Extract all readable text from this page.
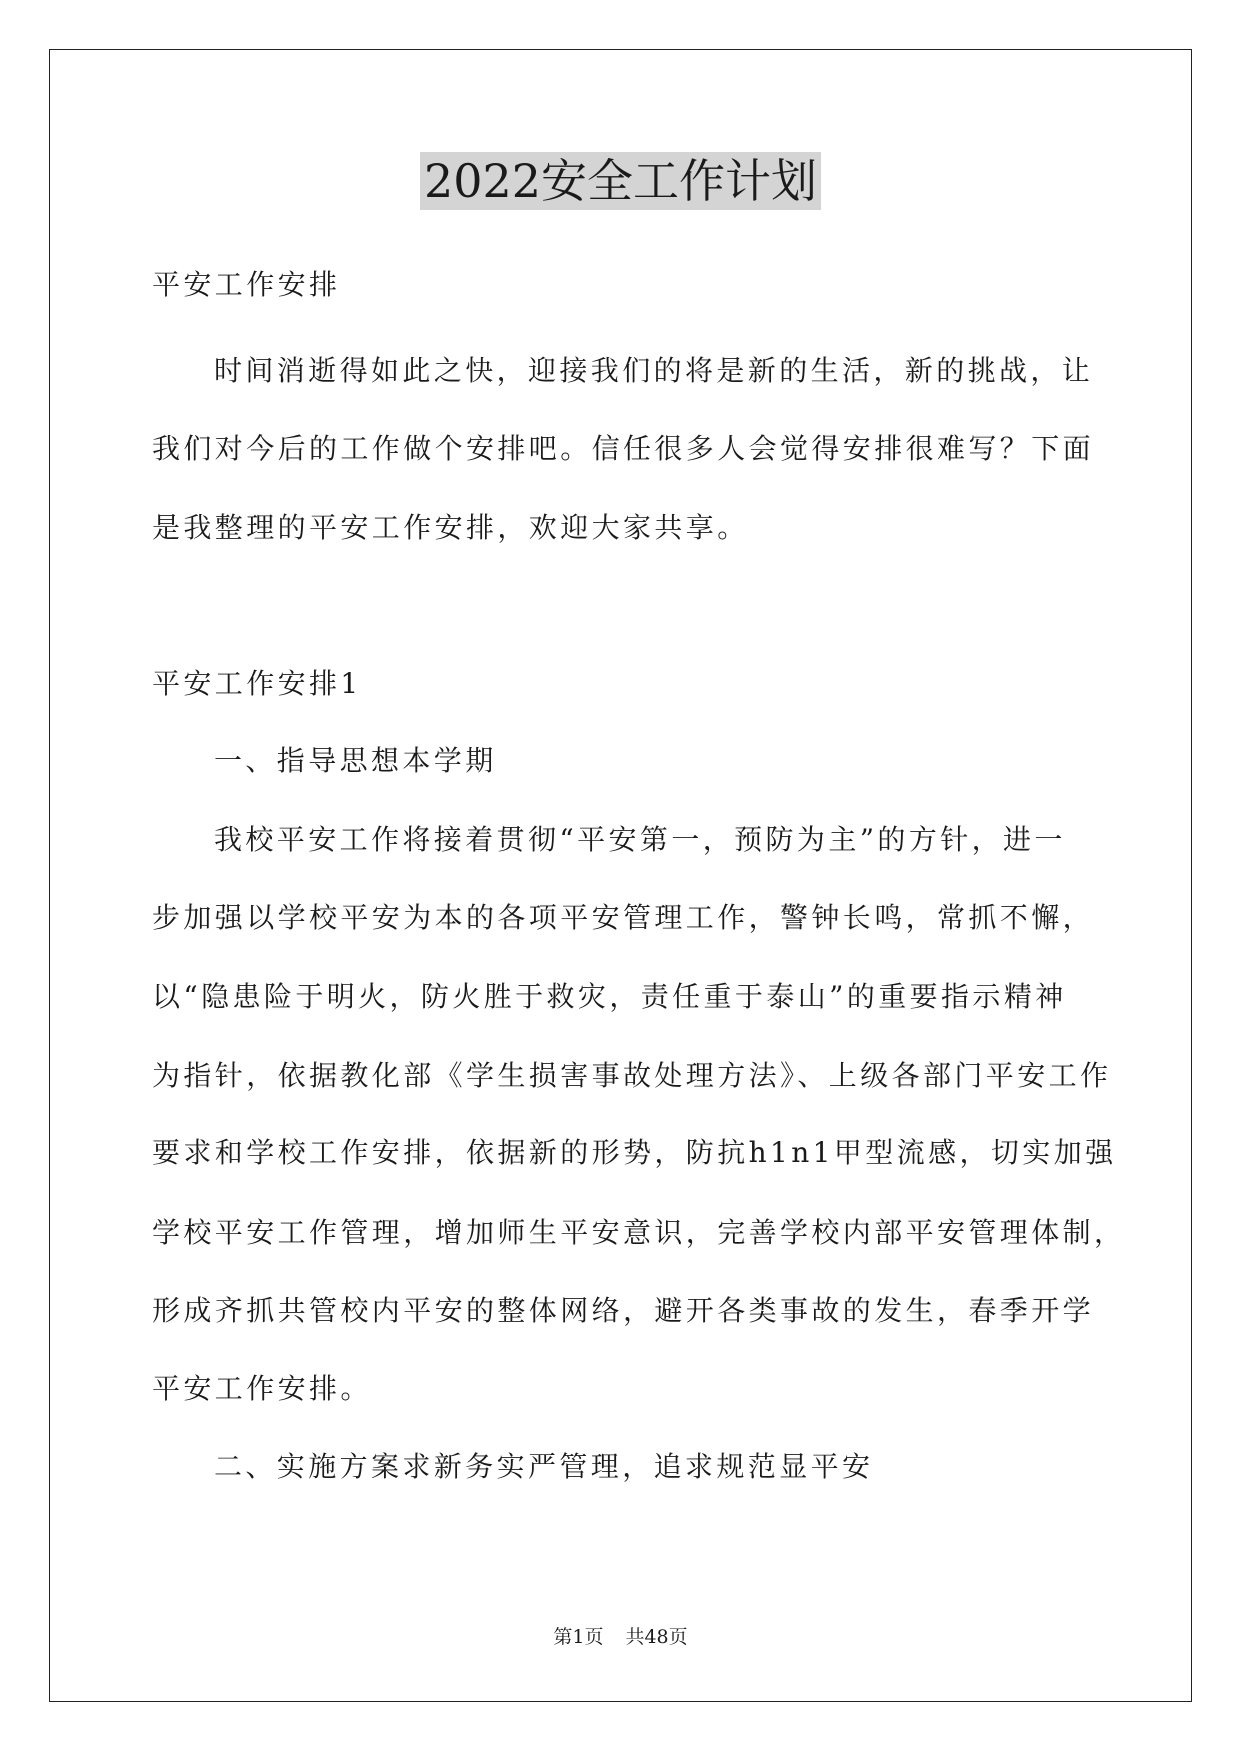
2022安全工作计划
平安工作安排
时间消逝得如此之快，迎接我们的将是新的生活，新的挑战，让
我们对今后的工作做个安排吧。信任很多人会觉得安排很难写？下面
是我整理的平安工作安排，欢迎大家共享。
平安工作安排1
一、指导思想本学期
我校平安工作将接着贯彻“平安第一，预防为主”的方针，进一
步加强以学校平安为本的各项平安管理工作，警钟长鸣，常抓不懈，
以“隐患险于明火，防火胜于救灾，责任重于泰山”的重要指示精神
为指针，依据教化部《学生损害事故处理方法》、上级各部门平安工作
要求和学校工作安排，依据新的形势，防抗h1n1甲型流感，切实加强
学校平安工作管理，增加师生平安意识，完善学校内部平安管理体制，
形成齐抓共管校内平安的整体网络，避开各类事故的发生，春季开学
平安工作安排。
二、实施方案求新务实严管理，追求规范显平安
第1页 共48页
